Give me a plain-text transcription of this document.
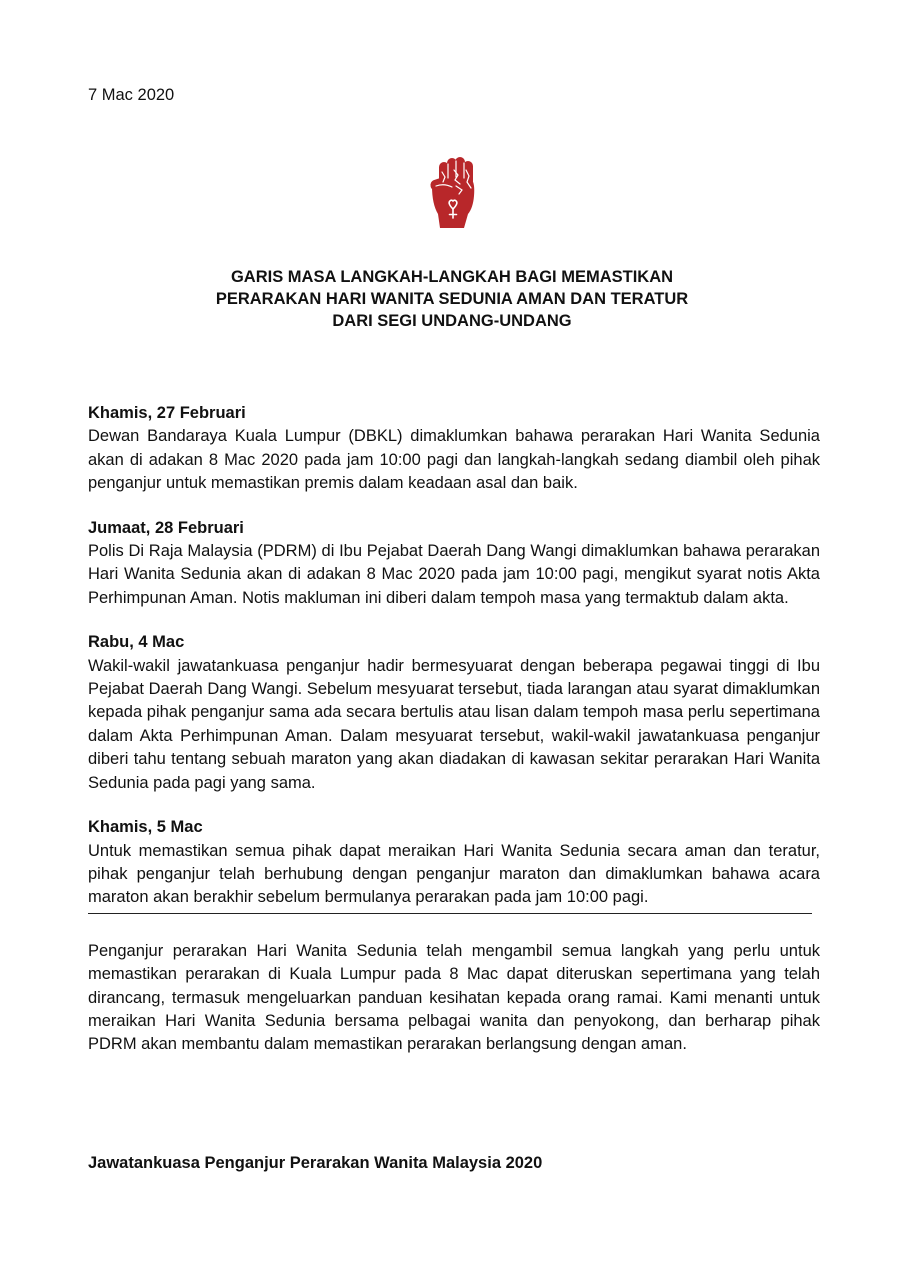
7 Mac 2020
GARIS MASA LANGKAH-LANGKAH BAGI MEMASTIKAN
PERARAKAN HARI WANITA SEDUNIA AMAN DAN TERATUR
DARI SEGI UNDANG-UNDANG

Khamis, 27 Februari

Dewan Bandaraya Kuala Lumpur (DBKL) dimaklumkan bahawa perarakan Hari Wanita Sedunia akan di adakan 8 Mac 2020 pada jam 10:00 pagi dan langkah-langkah sedang diambil oleh pihak penganjur untuk memastikan premis dalam keadaan asal dan baik.

Jumaat, 28 Februari

Polis Di Raja Malaysia (PDRM) di Ibu Pejabat Daerah Dang Wangi dimaklumkan bahawa perarakan Hari Wanita Sedunia akan di adakan 8 Mac 2020 pada jam 10:00 pagi, mengikut syarat notis Akta Perhimpunan Aman. Notis makluman ini diberi dalam tempoh masa yang termaktub dalam akta.

Rabu, 4 Mac

Wakil-wakil jawatankuasa penganjur hadir bermesyuarat dengan beberapa pegawai tinggi di Ibu Pejabat Daerah Dang Wangi. Sebelum mesyuarat tersebut, tiada larangan atau syarat dimaklumkan kepada pihak penganjur sama ada secara bertulis atau lisan dalam tempoh masa perlu sepertimana dalam Akta Perhimpunan Aman. Dalam mesyuarat tersebut, wakil-wakil jawatankuasa penganjur diberi tahu tentang sebuah maraton yang akan diadakan di kawasan sekitar perarakan Hari Wanita Sedunia pada pagi yang sama.

Khamis, 5 Mac

Untuk memastikan semua pihak dapat meraikan Hari Wanita Sedunia secara aman dan teratur, pihak penganjur telah berhubung dengan penganjur maraton dan dimaklumkan bahawa acara maraton akan berakhir sebelum bermulanya perarakan pada jam 10:00 pagi.

Penganjur perarakan Hari Wanita Sedunia telah mengambil semua langkah yang perlu untuk memastikan perarakan di Kuala Lumpur pada 8 Mac dapat diteruskan sepertimana yang telah dirancang, termasuk mengeluarkan panduan kesihatan kepada orang ramai. Kami menanti untuk meraikan Hari Wanita Sedunia bersama pelbagai wanita dan penyokong, dan berharap pihak PDRM akan membantu dalam memastikan perarakan berlangsung dengan aman.

Jawatankuasa Penganjur Perarakan Wanita Malaysia 2020
